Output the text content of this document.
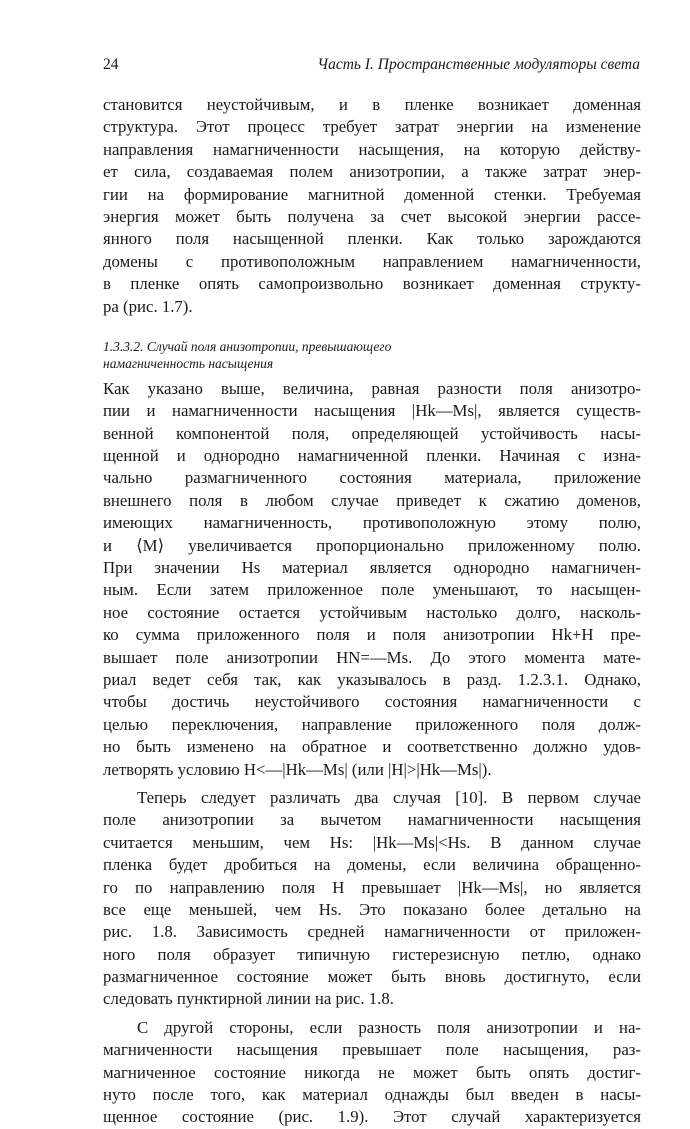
24	Часть I. Пространственные модуляторы света
становится неустойчивым, и в пленке возникает доменная
структура. Этот процесс требует затрат энергии на изменение
направления намагниченности насыщения, на которую действу-
ет сила, создаваемая полем анизотропии, а также затрат энер-
гии на формирование магнитной доменной стенки. Требуемая
энергия может быть получена за счет высокой энергии рассе-
янного поля насыщенной пленки. Как только зарождаются
домены с противоположным направлением намагниченности,
в пленке опять самопроизвольно возникает доменная структу-
ра (рис. 1.7).
1.3.3.2. Случай поля анизотропии, превышающего
намагниченность насыщения
Как указано выше, величина, равная разности поля анизотро-
пии и намагниченности насыщения |Hk—Ms|, является существ-
венной компонентой поля, определяющей устойчивость насы-
щенной и однородно намагниченной пленки. Начиная с изна-
чально размагниченного состояния материала, приложение
внешнего поля в любом случае приведет к сжатию доменов,
имеющих намагниченность, противоположную этому полю,
и ⟨M⟩ увеличивается пропорционально приложенному полю.
При значении Hs материал является однородно намагничен-
ным. Если затем приложенное поле уменьшают, то насыщен-
ное состояние остается устойчивым настолько долго, насколь-
ко сумма приложенного поля и поля анизотропии Hk+H пре-
вышает поле анизотропии HN=—Ms. До этого момента мате-
риал ведет себя так, как указывалось в разд. 1.2.3.1. Однако,
чтобы достичь неустойчивого состояния намагниченности с
целью переключения, направление приложенного поля долж-
но быть изменено на обратное и соответственно должно удов-
летворять условию H<—|Hk—Ms| (или |H|>|Hk—Ms|).
Теперь следует различать два случая [10]. В первом случае
поле анизотропии за вычетом намагниченности насыщения
считается меньшим, чем Hs: |Hk—Ms|<Hs. В данном случае
пленка будет дробиться на домены, если величина обращенно-
го по направлению поля H превышает |Hk—Ms|, но является
все еще меньшей, чем Hs. Это показано более детально на
рис. 1.8. Зависимость средней намагниченности от приложен-
ного поля образует типичную гистерезисную петлю, однако
размагниченное состояние может быть вновь достигнуто, если
следовать пунктирной линии на рис. 1.8.
С другой стороны, если разность поля анизотропии и на-
магниченности насыщения превышает поле насыщения, раз-
магниченное состояние никогда не может быть опять достиг-
нуто после того, как материал однажды был введен в насы-
щенное состояние (рис. 1.9). Этот случай характеризуется
